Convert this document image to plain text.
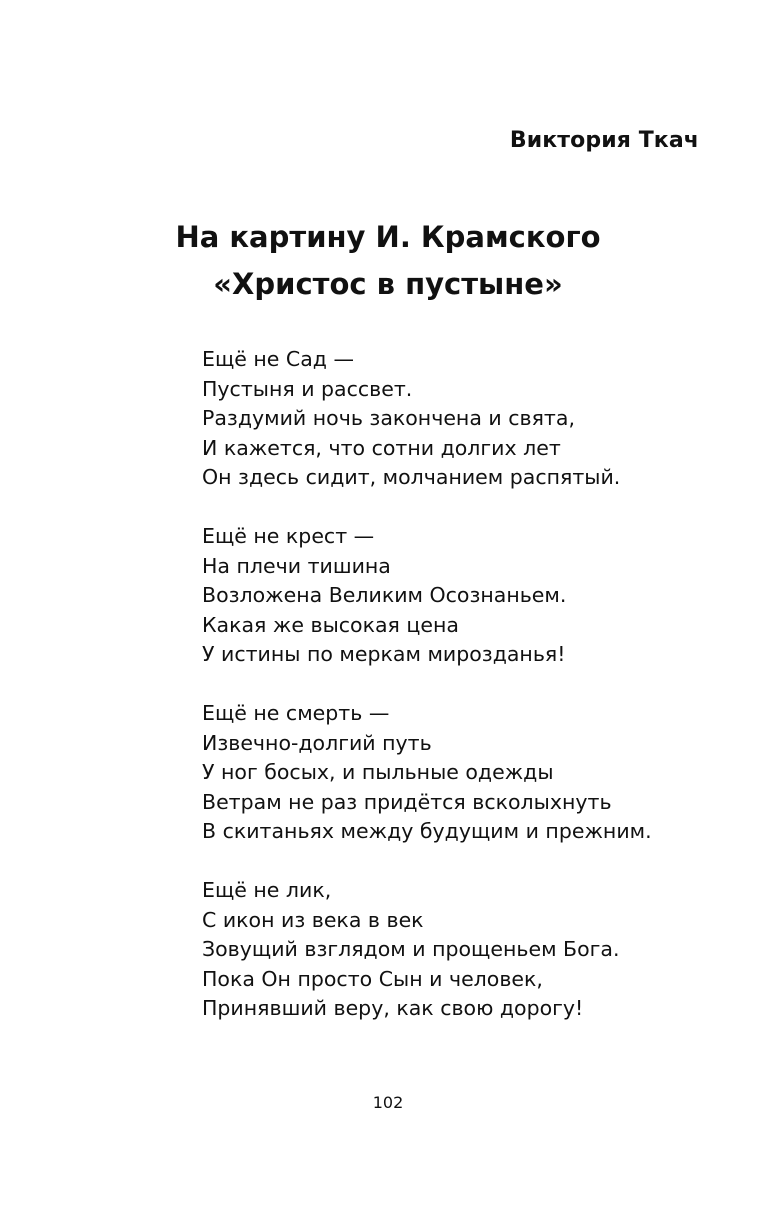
Виктория Ткач
На картину И. Крамского
«Христос в пустыне»
Ещё не Сад —
Пустыня и рассвет.
Раздумий ночь закончена и свята,
И кажется, что сотни долгих лет
Он здесь сидит, молчанием распятый.
Ещё не крест —
На плечи тишина
Возложена Великим Осознаньем.
Какая же высокая цена
У истины по меркам мирозданья!
Ещё не смерть —
Извечно-долгий путь
У ног босых, и пыльные одежды
Ветрам не раз придётся всколыхнуть
В скитаньях между будущим и прежним.
Ещё не лик,
С икон из века в век
Зовущий взглядом и прощеньем Бога.
Пока Он просто Сын и человек,
Принявший веру, как свою дорогу!
102
